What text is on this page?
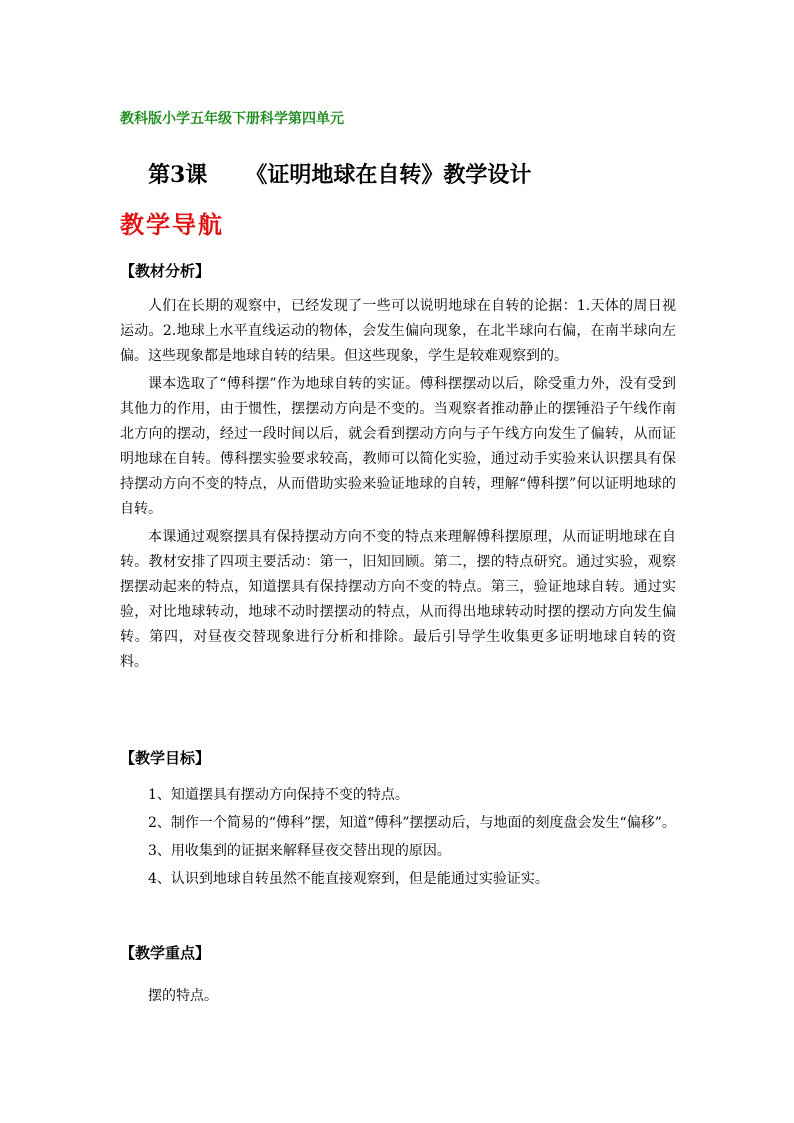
教科版小学五年级下册科学第四单元
第3课 《证明地球在自转》教学设计
教学导航
【教材分析】

人们在长期的观察中，已经发现了一些可以说明地球在自转的论据：1.天体的周日视运动。2.地球上水平直线运动的物体，会发生偏向现象，在北半球向右偏，在南半球向左偏。这些现象都是地球自转的结果。但这些现象，学生是较难观察到的。

课本选取了“傅科摆”作为地球自转的实证。傅科摆摆动以后，除受重力外，没有受到其他力的作用，由于惯性，摆摆动方向是不变的。当观察者推动静止的摆锤沿子午线作南北方向的摆动，经过一段时间以后，就会看到摆动方向与子午线方向发生了偏转，从而证明地球在自转。傅科摆实验要求较高，教师可以简化实验，通过动手实验来认识摆具有保持摆动方向不变的特点，从而借助实验来验证地球的自转，理解“傅科摆”何以证明地球的自转。

本课通过观察摆具有保持摆动方向不变的特点来理解傅科摆原理，从而证明地球在自转。教材安排了四项主要活动：第一，旧知回顾。第二，摆的特点研究。通过实验，观察摆摆动起来的特点，知道摆具有保持摆动方向不变的特点。第三，验证地球自转。通过实验，对比地球转动，地球不动时摆摆动的特点，从而得出地球转动时摆的摆动方向发生偏转。第四，对昼夜交替现象进行分析和排除。最后引导学生收集更多证明地球自转的资料。

【教学目标】

1、知道摆具有摆动方向保持不变的特点。

2、制作一个简易的“傅科”摆，知道“傅科”摆摆动后，与地面的刻度盘会发生“偏移”。

3、用收集到的证据来解释昼夜交替出现的原因。

4、认识到地球自转虽然不能直接观察到，但是能通过实验证实。

【教学重点】

摆的特点。
